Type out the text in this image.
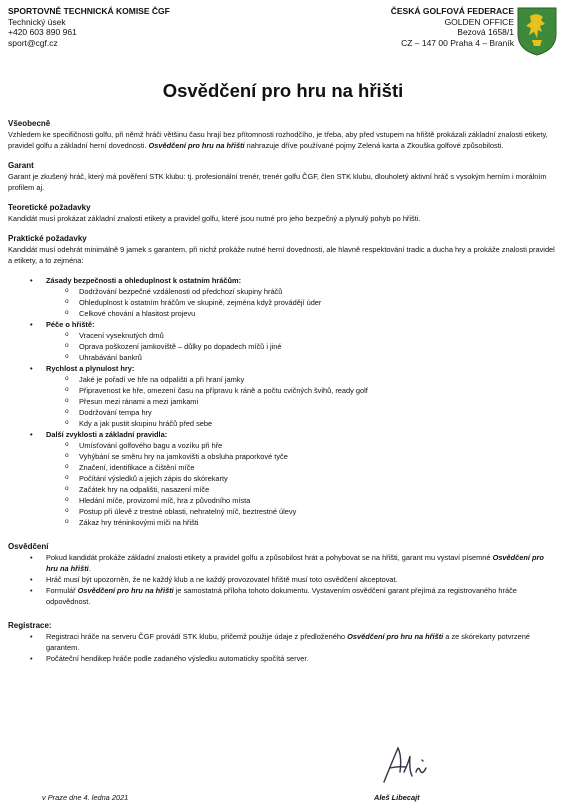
SPORTOVNĚ TECHNICKÁ KOMISE ČGF
Technický úsek
+420 603 890 961
sport@cgf.cz
ČESKÁ GOLFOVÁ FEDERACE
GOLDEN OFFICE
Bezová 1658/1
CZ – 147 00 Praha 4 – Braník
Osvědčení pro hru na hřišti

Všeobecně

Vzhledem ke specifičnosti golfu, při němž hráči většinu času hrají bez přítomnosti rozhodčího, je třeba, aby před vstupem na hřiště prokázali základní znalosti etikety, pravidel golfu a základní herní dovednosti. Osvědčení pro hru na hřišti nahrazuje dříve používané pojmy Zelená karta a Zkouška golfové způsobilosti.

Garant

Garant je zkušený hráč, který má pověření STK klubu: tj. profesionální trenér, trenér golfu ČGF, člen STK klubu, dlouholetý aktivní hráč s vysokým herním i morálním profilem aj.

Teoretické požadavky

Kandidát musí prokázat základní znalosti etikety a pravidel golfu, které jsou nutné pro jeho bezpečný a plynulý pohyb po hřišti.

Praktické požadavky

Kandidát musí odehrát minimálně 9 jamek s garantem, při nichž prokáže nutné herní dovednosti, ale hlavně respektování tradic a ducha hry a prokáže znalosti pravidel a etikety, a to zejména:

• Zásady bezpečnosti a ohleduplnost k ostatním hráčům:

o Dodržování bezpečné vzdálenosti od předchozí skupiny hráčů

o Ohleduplnost k ostatním hráčům ve skupině, zejména když provádějí úder

o Celkové chování a hlasitost projevu

• Péče o hřiště:

o Vracení vyseknutých drnů

o Oprava poškození jamkoviště – důlky po dopadech míčů i jiné

o Uhrabávání bankrů

• Rychlost a plynulost hry:

o Jaké je pořadí ve hře na odpališti a při hraní jamky

o Připravenost ke hře, omezení času na přípravu k ráně a počtu cvičných švihů, ready golf

o Přesun mezi ránami a mezi jamkami

o Dodržování tempa hry

o Kdy a jak pustit skupinu hráčů před sebe

• Další zvyklosti a základní pravidla:

o Umísťování golfového bagu a vozíku při hře

o Vyhýbání se směru hry na jamkovišti a obsluha praporkové tyče

o Značení, identifikace a čištění míče

o Počítání výsledků a jejich zápis do skórekarty

o Začátek hry na odpališti, nasazení míče

o Hledání míče, provizorní míč, hra z původního místa

o Postup při úlevě z trestné oblasti, nehratelný míč, beztrestné úlevy

o Zákaz hry tréninkovými míči na hřišti

Osvědčení

• Pokud kandidát prokáže základní znalosti etikety a pravidel golfu a způsobilost hrát a pohybovat se na hřišti, garant mu vystaví písemné Osvědčení pro hru na hřišti.

• Hráč musí být upozorněn, že ne každý klub a ne každý provozovatel hřiště musí toto osvědčení akceptovat.

• Formulář Osvědčení pro hru na hřišti je samostatná příloha tohoto dokumentu. Vystavením osvědčení garant přejímá za registrovaného hráče odpovědnost.

Registrace:

• Registraci hráče na serveru ČGF provádí STK klubu, přičemž použije údaje z předloženého Osvědčení pro hru na hřišti a ze skórekarty potvrzené garantem.

• Počáteční hendikep hráče podle zadaného výsledku automaticky spočítá server.

v Praze dne 4. ledna 2021	Aleš Libecajt
